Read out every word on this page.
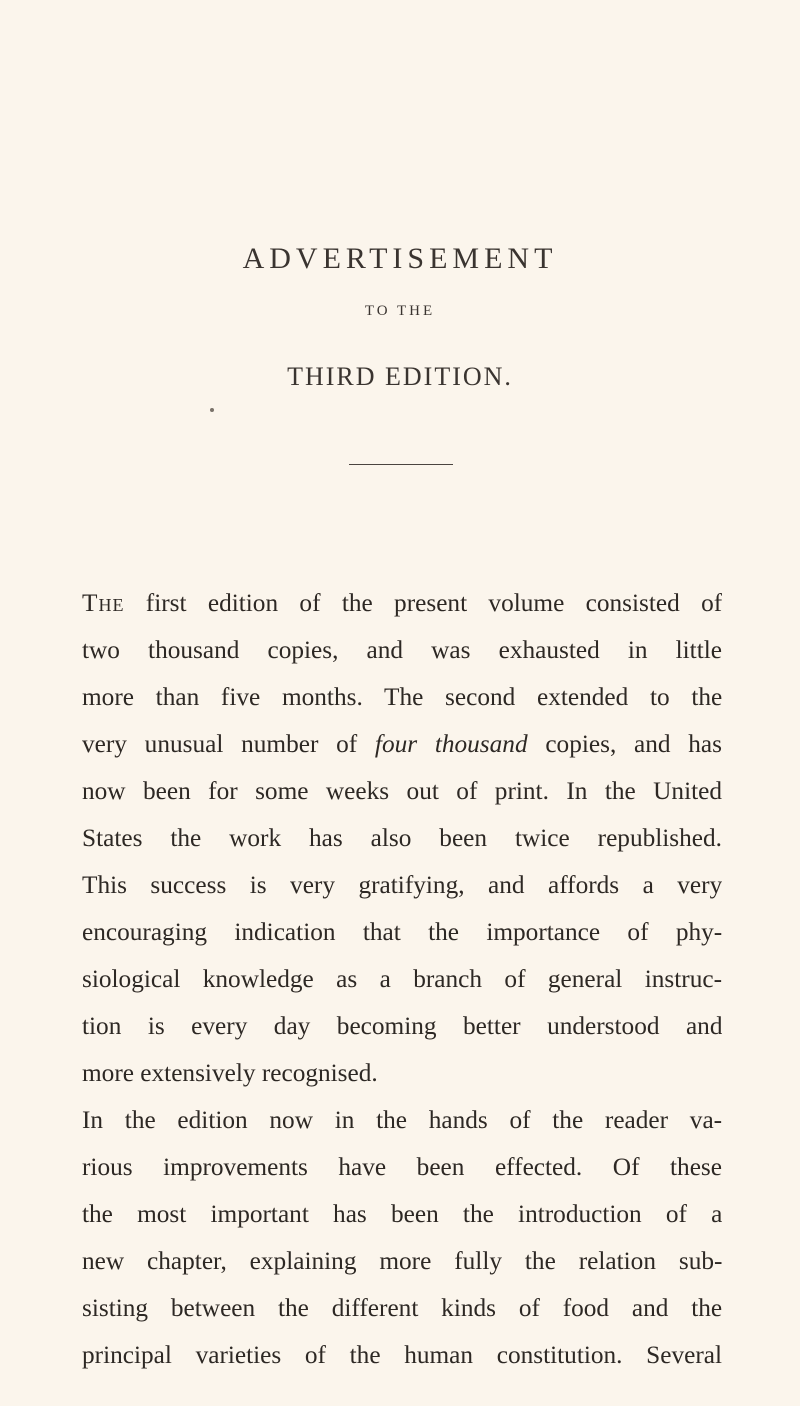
ADVERTISEMENT
TO THE
THIRD EDITION.
The first edition of the present volume consisted of
two thousand copies, and was exhausted in little
more than five months. The second extended to the
very unusual number of four thousand copies, and has
now been for some weeks out of print. In the United
States the work has also been twice republished.
This success is very gratifying, and affords a very
encouraging indication that the importance of phy-
siological knowledge as a branch of general instruc-
tion is every day becoming better understood and
more extensively recognised.
In the edition now in the hands of the reader va-
rious improvements have been effected. Of these
the most important has been the introduction of a
new chapter, explaining more fully the relation sub-
sisting between the different kinds of food and the
principal varieties of the human constitution. Several
